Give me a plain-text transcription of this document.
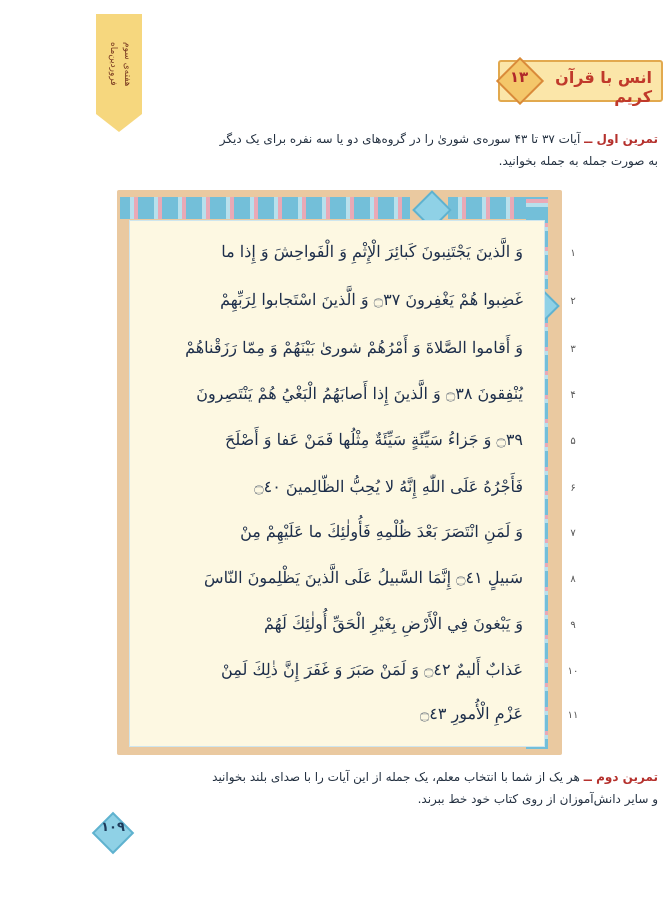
هفته‌ی سوم فروردین‌ماه	انس با قرآن کریم
۱۳
تمرین اول ــ آیات ۳۷ تا ۴۳ سوره‌ی شوریٰ را در گروه‌های دو یا سه نفره برای یک دیگر
به صورت جمله به جمله بخوانید.
وَ الَّذينَ يَجْتَنِبونَ كَبائِرَ الْإِثْمِ وَ الْفَواحِشَ وَ إِذا ما	۱
غَضِبوا هُمْ يَغْفِرونَ ۝٣٧ وَ الَّذينَ اسْتَجابوا لِرَبِّهِمْ	۲
وَ أَقاموا الصَّلاةَ وَ أَمْرُهُمْ شورىٰ بَيْنَهُمْ وَ مِمّا رَزَقْناهُمْ	۳
يُنْفِقونَ ۝٣٨ وَ الَّذينَ إِذا أَصابَهُمُ الْبَغْيُ هُمْ يَنْتَصِرونَ	۴
۝٣٩ وَ جَزاءُ سَيِّئَةٍ سَيِّئَةٌ مِثْلُها فَمَنْ عَفا وَ أَصْلَحَ	۵
فَأَجْرُهُ عَلَى اللّٰهِ إِنَّهُ لا يُحِبُّ الظّالِمينَ ۝٤٠	۶
وَ لَمَنِ انْتَصَرَ بَعْدَ ظُلْمِهِ فَأُولٰئِكَ ما عَلَيْهِمْ مِنْ	۷
سَبيلٍ ۝٤١ إِنَّمَا السَّبيلُ عَلَى الَّذينَ يَظْلِمونَ النّاسَ	۸
وَ يَبْغونَ فِي الْأَرْضِ بِغَيْرِ الْحَقِّ أُولٰئِكَ لَهُمْ	۹
عَذابٌ أَليمٌ ۝٤٢ وَ لَمَنْ صَبَرَ وَ غَفَرَ إِنَّ ذٰلِكَ لَمِنْ	۱۰
عَزْمِ الْأُمورِ ۝٤٣	۱۱
تمرین دوم ــ هر یک از شما با انتخاب معلم، یک جمله از این آیات را با صدای بلند بخوانید
و سایر دانش‌آموزان از روی کتاب خود خط ببرند.
۱۰۹
